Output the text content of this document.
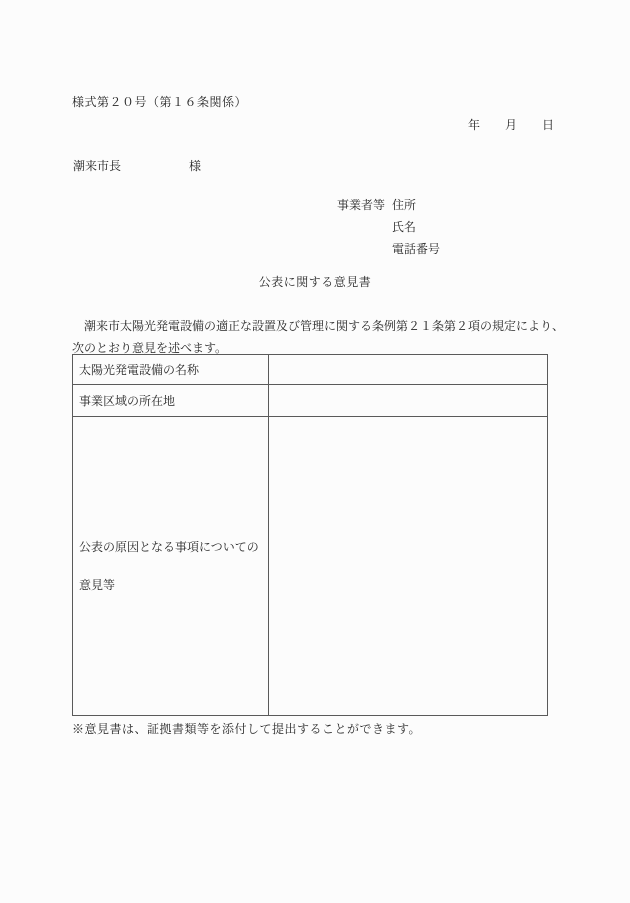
様式第２０号（第１６条関係）
年 月 日
潮来市長	様
事業者等 住所
氏名
電話番号
公表に関する意見書
　潮来市太陽光発電設備の適正な設置及び管理に関する条例第２１条第２項の規定により、
次のとおり意見を述べます。
太陽光発電設備の名称	
事業区域の所在地	
公表の原因となる事項についての意見等	
※意見書は、証拠書類等を添付して提出することができます。
